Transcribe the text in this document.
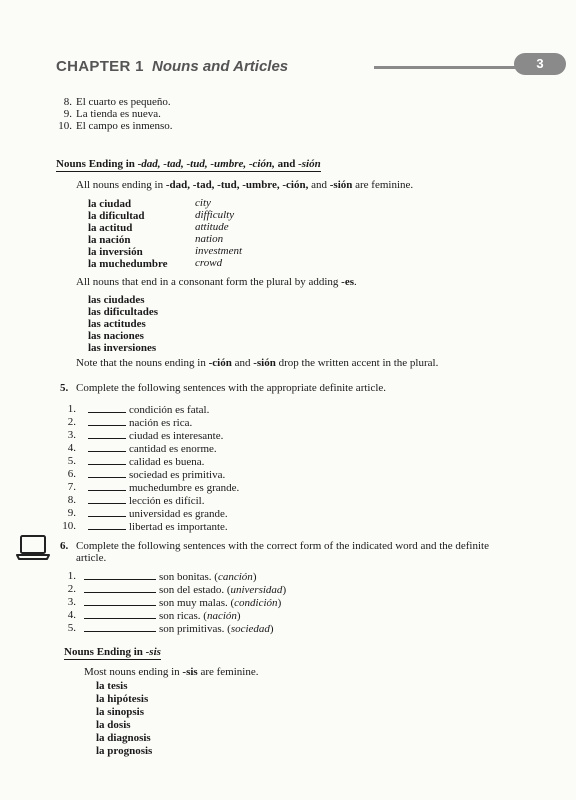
CHAPTER 1 Nouns and Articles	3
8. El cuarto es pequeño.
9. La tienda es nueva.
10. El campo es inmenso.
Nouns Ending in -dad, -tad, -tud, -umbre, -ción, and -sión
All nouns ending in -dad, -tad, -tud, -umbre, -ción, and -sión are feminine.
la ciudad	city
la dificultad	difficulty
la actitud	attitude
la nación	nation
la inversión	investment
la muchedumbre crowd
All nouns that end in a consonant form the plural by adding -es.
las ciudades
las dificultades
las actitudes
las naciones
las inversiones
Note that the nouns ending in -ción and -sión drop the written accent in the plural.
5. Complete the following sentences with the appropriate definite article.
1.	condición es fatal.
2.	nación es rica.
3.	ciudad es interesante.
4.	cantidad es enorme.
5.	calidad es buena.
6.	sociedad es primitiva.
7.	muchedumbre es grande.
8.	lección es difícil.
9.	universidad es grande.
10.	libertad es importante.
6. Complete the following sentences with the correct form of the indicated word and the definite
article.
1.	son bonitas. (canción)
2.	son del estado. (universidad)
3.	son muy malas. (condición)
4.	son ricas. (nación)
5.	son primitivas. (sociedad)
Nouns Ending in -sis
Most nouns ending in -sis are feminine.
la tesis
la hipótesis
la sinopsis
la dosis
la diagnosis
la prognosis
